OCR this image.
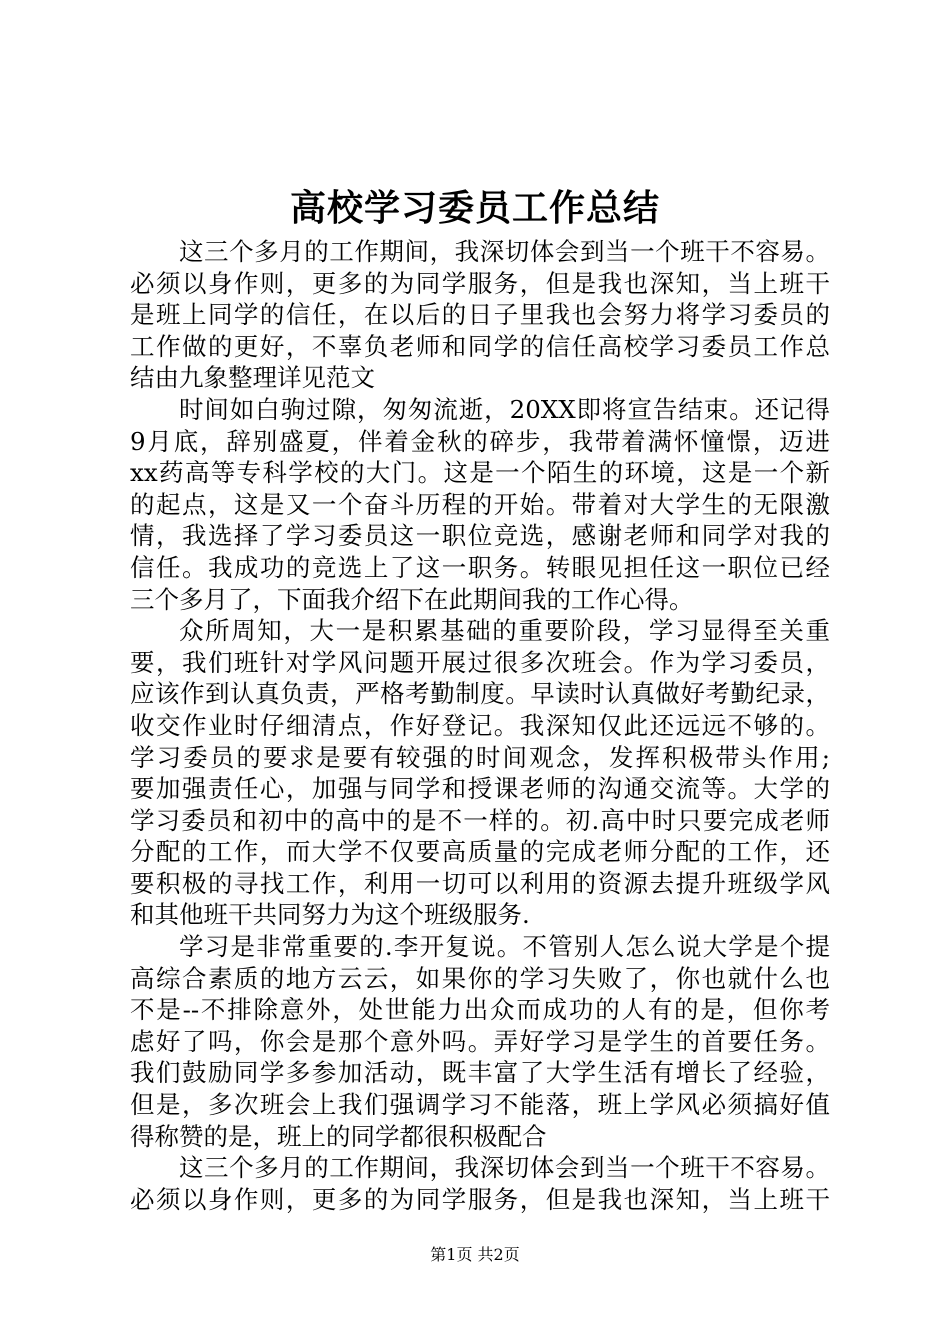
高校学习委员工作总结
这三个多月的工作期间，我深切体会到当一个班干不容易。
必须以身作则，更多的为同学服务，但是我也深知，当上班干
是班上同学的信任，在以后的日子里我也会努力将学习委员的
工作做的更好，不辜负老师和同学的信任高校学习委员工作总
结由九象整理详见范文
时间如白驹过隙，匆匆流逝，20XX即将宣告结束。还记得
9月底，辞别盛夏，伴着金秋的碎步，我带着满怀憧憬，迈进
xx药高等专科学校的大门。这是一个陌生的环境，这是一个新
的起点，这是又一个奋斗历程的开始。带着对大学生的无限激
情，我选择了学习委员这一职位竞选，感谢老师和同学对我的
信任。我成功的竞选上了这一职务。转眼见担任这一职位已经
三个多月了，下面我介绍下在此期间我的工作心得。
众所周知，大一是积累基础的重要阶段，学习显得至关重
要，我们班针对学风问题开展过很多次班会。作为学习委员，
应该作到认真负责，严格考勤制度。早读时认真做好考勤纪录，
收交作业时仔细清点，作好登记。我深知仅此还远远不够的。
学习委员的要求是要有较强的时间观念，发挥积极带头作用;
要加强责任心，加强与同学和授课老师的沟通交流等。大学的
学习委员和初中的高中的是不一样的。初.高中时只要完成老师
分配的工作，而大学不仅要高质量的完成老师分配的工作，还
要积极的寻找工作，利用一切可以利用的资源去提升班级学风
和其他班干共同努力为这个班级服务.
学习是非常重要的.李开复说。不管别人怎么说大学是个提
高综合素质的地方云云，如果你的学习失败了，你也就什么也
不是--不排除意外，处世能力出众而成功的人有的是，但你考
虑好了吗，你会是那个意外吗。弄好学习是学生的首要任务。
我们鼓励同学多参加活动，既丰富了大学生活有增长了经验，
但是，多次班会上我们强调学习不能落，班上学风必须搞好值
得称赞的是，班上的同学都很积极配合
这三个多月的工作期间，我深切体会到当一个班干不容易。
必须以身作则，更多的为同学服务，但是我也深知，当上班干
第1页 共2页
